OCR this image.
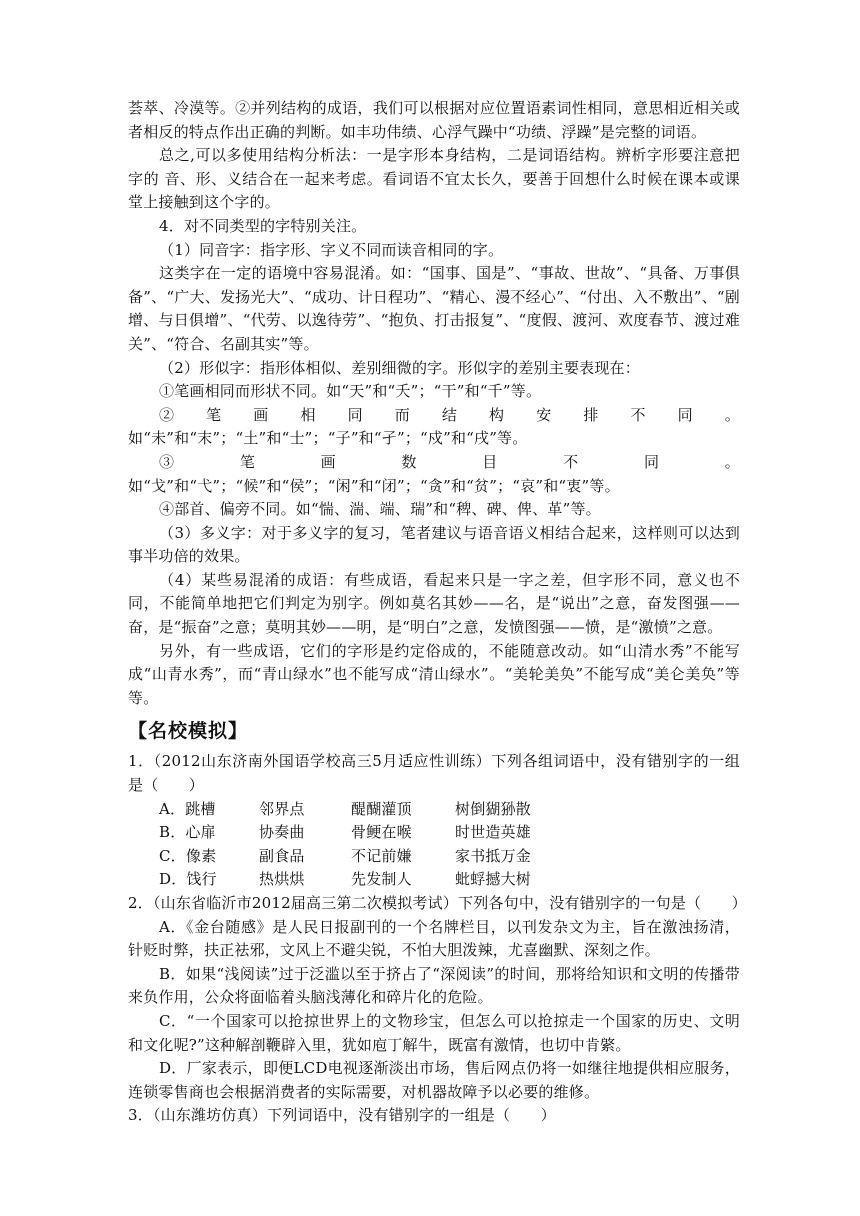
荟萃、冷漠等。②并列结构的成语，我们可以根据对应位置语素词性相同，意思相近相关或者相反的特点作出正确的判断。如丰功伟绩、心浮气躁中“功绩、浮躁”是完整的词语。

总之,可以多使用结构分析法：一是字形本身结构，二是词语结构。辨析字形要注意把字的 音、形、义结合在一起来考虑。看词语不宜太长久，要善于回想什么时候在课本或课堂上接触到这个字的。

4．对不同类型的字特别关注。

（1）同音字：指字形、字义不同而读音相同的字。

这类字在一定的语境中容易混淆。如：“国事、国是”、“事故、世故”、“具备、万事俱备”、“广大、发扬光大”、“成功、计日程功”、“精心、漫不经心”、“付出、入不敷出”、“剧增、与日俱增”、“代劳、以逸待劳”、“抱负、打击报复”、“度假、渡河、欢度春节、渡过难关”、“符合、名副其实”等。

（2）形似字：指形体相似、差别细微的字。形似字的差别主要表现在：

①笔画相同而形状不同。如“天”和“夭”；“干”和“千”等。

②笔画相同而结构安排不同。如“未”和“末”；“土”和“士”；“子”和“孑”；“戍”和“戌”等。

③笔画数目不同。如“戈”和“弋”；“候”和“侯”；“闲”和“闭”；“贪”和“贫”；“哀”和“衷”等。

④部首、偏旁不同。如“惴、湍、端、瑞”和“稗、碑、俾、革”等。

（3）多义字：对于多义字的复习，笔者建议与语音语义相结合起来，这样则可以达到事半功倍的效果。

（4）某些易混淆的成语：有些成语，看起来只是一字之差，但字形不同，意义也不同，不能简单地把它们判定为别字。例如莫名其妙——名，是“说出”之意，奋发图强——奋，是“振奋”之意；莫明其妙——明，是“明白”之意，发愤图强——愤，是“激愤”之意。

另外，有一些成语，它们的字形是约定俗成的，不能随意改动。如“山清水秀”不能写成“山青水秀”，而“青山绿水”也不能写成“清山绿水”。“美轮美奂”不能写成“美仑美奂”等等。

【名校模拟】

1．（2012山东济南外国语学校高三5月适应性训练）下列各组词语中，没有错别字的一组是（　　）

A．跳槽	邻界点	醍醐灌顶	树倒猢狲散
B．心扉	协奏曲	骨鲠在喉	时世造英雄
C．像素	副食品	不记前嫌	家书抵万金
D．饯行	热烘烘	先发制人	蚍蜉撼大树

2．（山东省临沂市2012届高三第二次模拟考试）下列各句中，没有错别字的一句是（　　）

A．《金台随感》是人民日报副刊的一个名牌栏目，以刊发杂文为主，旨在激浊扬清，针贬时弊，扶正祛邪，文风上不避尖锐，不怕大胆泼辣，尤喜幽默、深刻之作。

B．如果“浅阅读”过于泛滥以至于挤占了“深阅读”的时间，那将给知识和文明的传播带来负作用，公众将面临着头脑浅薄化和碎片化的危险。

C．“一个国家可以抢掠世界上的文物珍宝，但怎么可以抢掠走一个国家的历史、文明和文化呢?”这种解剖鞭辟入里，犹如庖丁解牛，既富有激情，也切中肯綮。

D．厂家表示，即便LCD电视逐渐淡出市场，售后网点仍将一如继往地提供相应服务，连锁零售商也会根据消费者的实际需要，对机器故障予以必要的维修。

3．（山东潍坊仿真）下列词语中，没有错别字的一组是（　　）
